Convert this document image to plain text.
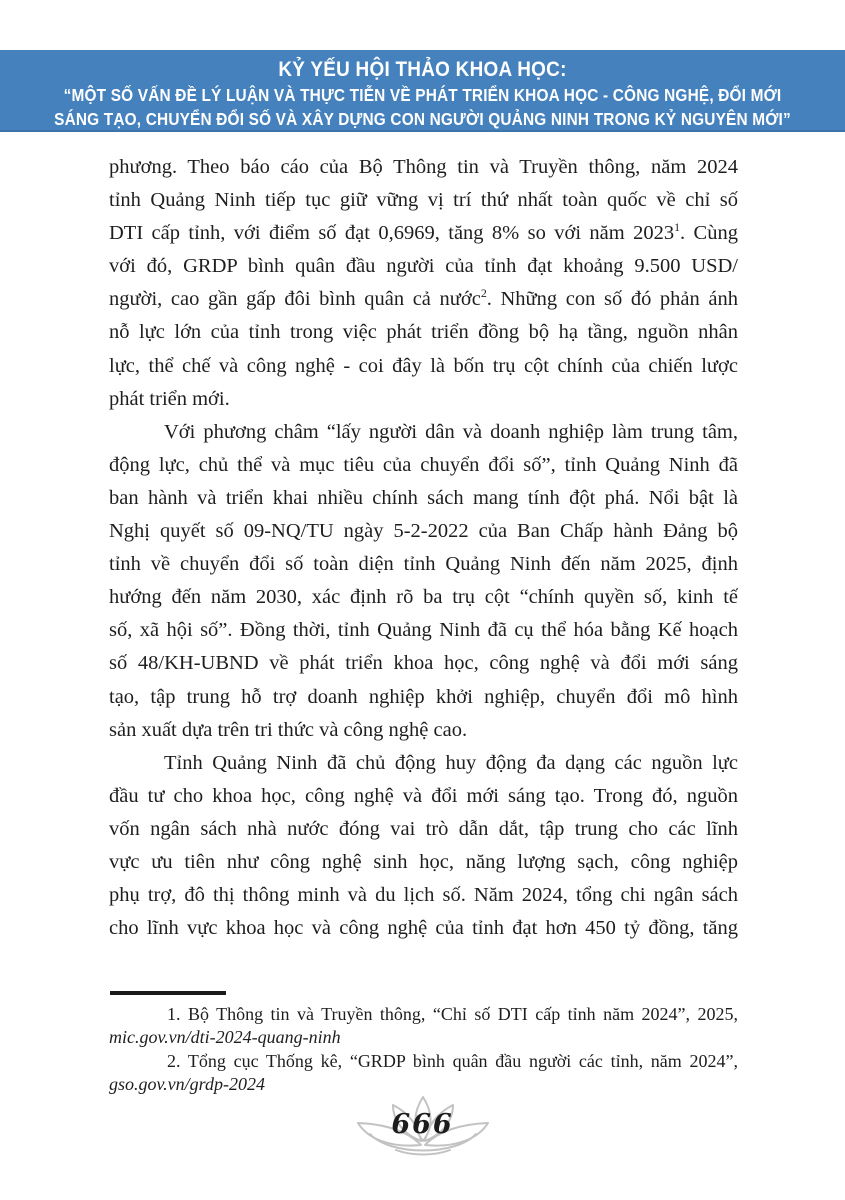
KỶ YẾU HỘI THẢO KHOA HỌC:
“MỘT SỐ VẤN ĐỀ LÝ LUẬN VÀ THỰC TIỄN VỀ PHÁT TRIỂN KHOA HỌC - CÔNG NGHỆ, ĐỔI MỚI
SÁNG TẠO, CHUYỂN ĐỔI SỐ VÀ XÂY DỰNG CON NGƯỜI QUẢNG NINH TRONG KỶ NGUYÊN MỚI”
phương. Theo báo cáo của Bộ Thông tin và Truyền thông, năm 2024
tỉnh Quảng Ninh tiếp tục giữ vững vị trí thứ nhất toàn quốc về chỉ số
DTI cấp tỉnh, với điểm số đạt 0,6969, tăng 8% so với năm 2023$^1$. Cùng
với đó, GRDP bình quân đầu người của tỉnh đạt khoảng 9.500 USD/
người, cao gần gấp đôi bình quân cả nước$^2$. Những con số đó phản ánh
nỗ lực lớn của tỉnh trong việc phát triển đồng bộ hạ tầng, nguồn nhân
lực, thể chế và công nghệ - coi đây là bốn trụ cột chính của chiến lược
phát triển mới.
Với phương châm “lấy người dân và doanh nghiệp làm trung tâm,
động lực, chủ thể và mục tiêu của chuyển đổi số”, tỉnh Quảng Ninh đã
ban hành và triển khai nhiều chính sách mang tính đột phá. Nổi bật là
Nghị quyết số 09-NQ/TU ngày 5-2-2022 của Ban Chấp hành Đảng bộ
tỉnh về chuyển đổi số toàn diện tỉnh Quảng Ninh đến năm 2025, định
hướng đến năm 2030, xác định rõ ba trụ cột “chính quyền số, kinh tế
số, xã hội số”. Đồng thời, tỉnh Quảng Ninh đã cụ thể hóa bằng Kế hoạch
số 48/KH-UBND về phát triển khoa học, công nghệ và đổi mới sáng
tạo, tập trung hỗ trợ doanh nghiệp khởi nghiệp, chuyển đổi mô hình
sản xuất dựa trên tri thức và công nghệ cao.
Tỉnh Quảng Ninh đã chủ động huy động đa dạng các nguồn lực
đầu tư cho khoa học, công nghệ và đổi mới sáng tạo. Trong đó, nguồn
vốn ngân sách nhà nước đóng vai trò dẫn dắt, tập trung cho các lĩnh
vực ưu tiên như công nghệ sinh học, năng lượng sạch, công nghiệp
phụ trợ, đô thị thông minh và du lịch số. Năm 2024, tổng chi ngân sách
cho lĩnh vực khoa học và công nghệ của tỉnh đạt hơn 450 tỷ đồng, tăng
1. Bộ Thông tin và Truyền thông, “Chỉ số DTI cấp tỉnh năm 2024”, 2025,
mic.gov.vn/dti-2024-quang-ninh
2. Tổng cục Thống kê, “GRDP bình quân đầu người các tỉnh, năm 2024”,
gso.gov.vn/grdp-2024
666
